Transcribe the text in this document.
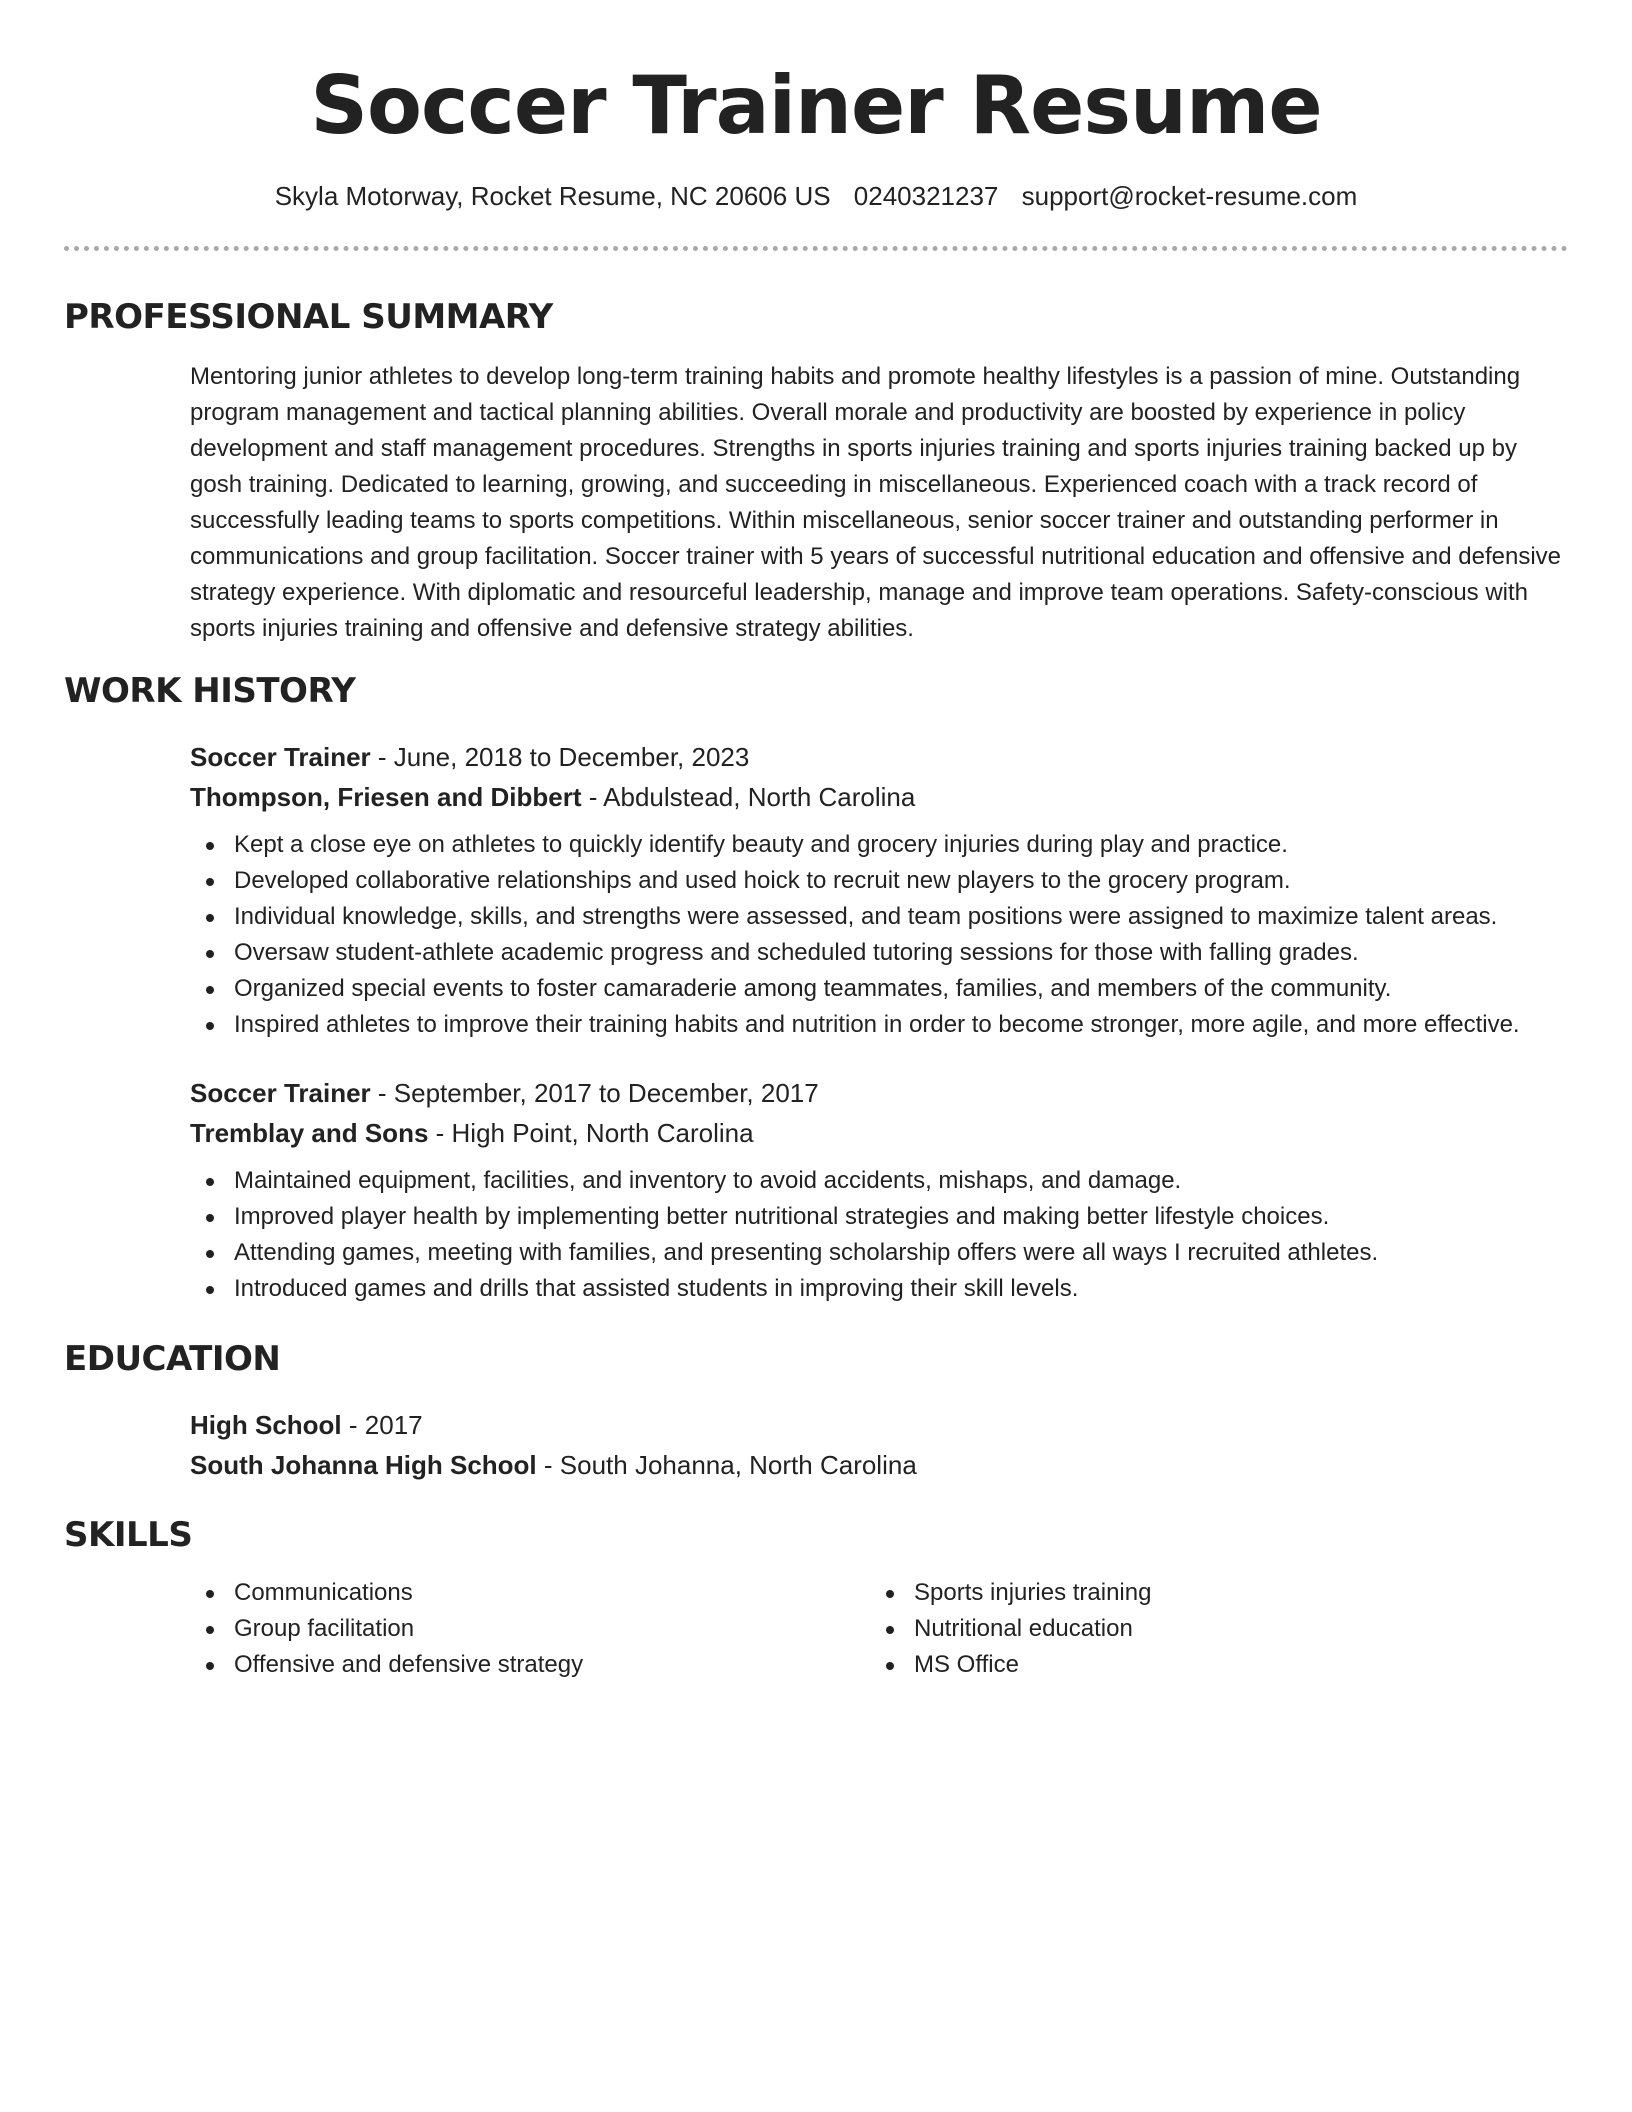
Soccer Trainer Resume
Skyla Motorway, Rocket Resume, NC 20606 US 0240321237 support@rocket-resume.com
PROFESSIONAL SUMMARY

Mentoring junior athletes to develop long-term training habits and promote healthy lifestyles is a passion of mine. Outstanding program management and tactical planning abilities. Overall morale and productivity are boosted by experience in policy development and staff management procedures. Strengths in sports injuries training and sports injuries training backed up by gosh training. Dedicated to learning, growing, and succeeding in miscellaneous. Experienced coach with a track record of successfully leading teams to sports competitions. Within miscellaneous, senior soccer trainer and outstanding performer in communications and group facilitation. Soccer trainer with 5 years of successful nutritional education and offensive and defensive strategy experience. With diplomatic and resourceful leadership, manage and improve team operations. Safety-conscious with sports injuries training and offensive and defensive strategy abilities.

WORK HISTORY
Soccer Trainer - June, 2018 to December, 2023
Thompson, Friesen and Dibbert - Abdulstead, North Carolina
Kept a close eye on athletes to quickly identify beauty and grocery injuries during play and practice.
Developed collaborative relationships and used hoick to recruit new players to the grocery program.
Individual knowledge, skills, and strengths were assessed, and team positions were assigned to maximize talent areas.
Oversaw student-athlete academic progress and scheduled tutoring sessions for those with falling grades.
Organized special events to foster camaraderie among teammates, families, and members of the community.
Inspired athletes to improve their training habits and nutrition in order to become stronger, more agile, and more effective.
Soccer Trainer - September, 2017 to December, 2017
Tremblay and Sons - High Point, North Carolina
Maintained equipment, facilities, and inventory to avoid accidents, mishaps, and damage.
Improved player health by implementing better nutritional strategies and making better lifestyle choices.
Attending games, meeting with families, and presenting scholarship offers were all ways I recruited athletes.
Introduced games and drills that assisted students in improving their skill levels.
EDUCATION
High School - 2017
South Johanna High School - South Johanna, North Carolina
SKILLS
Communications
Group facilitation
Offensive and defensive strategy
Sports injuries training
Nutritional education
MS Office
